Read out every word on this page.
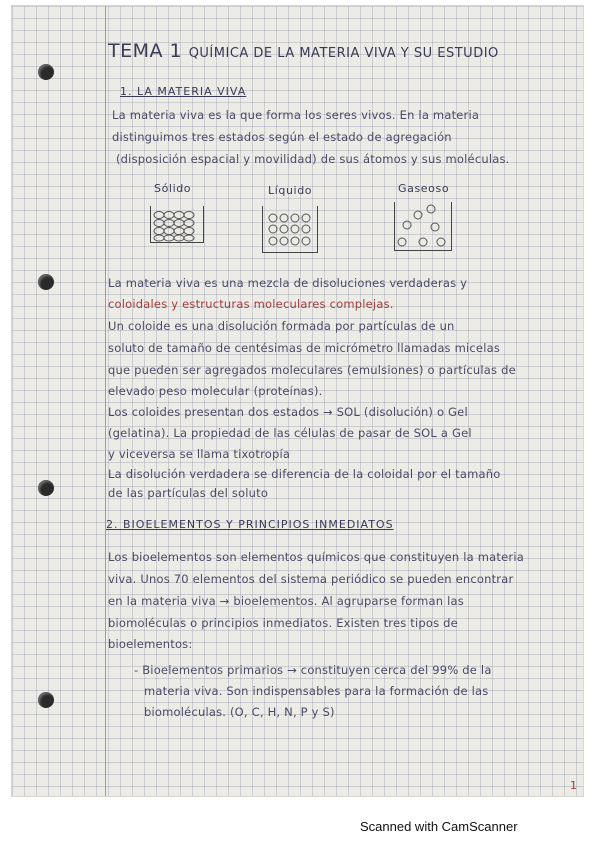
TEMA 1 QUÍMICA DE LA MATERIA VIVA Y SU ESTUDIO

1. LA MATERIA VIVA

La materia viva es la que forma los seres vivos. En la materia

distinguimos tres estados según el estado de agregación

(disposición espacial y movilidad) de sus átomos y sus moléculas.

Sólido	Líquido	Gaseoso

La materia viva es una mezcla de disoluciones verdaderas y

coloidales y estructuras moleculares complejas.

Un coloide es una disolución formada por partículas de un

soluto de tamaño de centésimas de micrómetro llamadas micelas

que pueden ser agregados moleculares (emulsiones) o partículas de

elevado peso molecular (proteínas).

Los coloides presentan dos estados → SOL (disolución) o Gel

(gelatina). La propiedad de las células de pasar de SOL a Gel

y viceversa se llama tixotropía

La disolución verdadera se diferencia de la coloidal por el tamaño

de las partículas del soluto

2. BIOELEMENTOS Y PRINCIPIOS INMEDIATOS

Los bioelementos son elementos químicos que constituyen la materia

viva. Unos 70 elementos del sistema periódico se pueden encontrar

en la materia viva → bioelementos. Al agruparse forman las

biomoléculas o principios inmediatos. Existen tres tipos de

bioelementos:

- Bioelementos primarios → constituyen cerca del 99% de la

materia viva. Son indispensables para la formación de las

biomoléculas. (O, C, H, N, P y S)

1

Scanned with CamScanner
